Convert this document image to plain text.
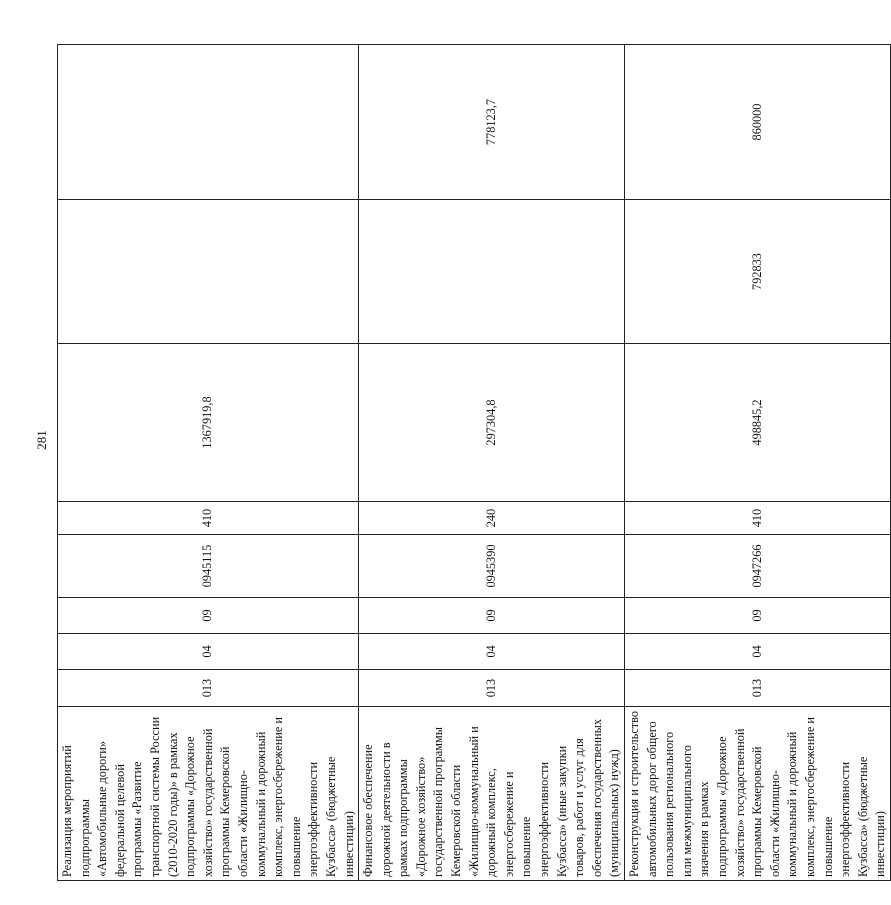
281
Реализация мероприятий подпрограммы «Автомобильные дороги» федеральной целевой программы «Развитие транспортной системы России (2010-2020 годы)» в рамках подпрограммы «Дорожное хозяйство» государственной программы Кемеровской области «Жилищно-коммунальный и дорожный комплекс, энергосбережение и повышение энергоэффективности Кузбасса» (бюджетные инвестиции)	013	04	09	0945115	410	1367919,8		
Финансовое обеспечение дорожной деятельности в рамках подпрограммы «Дорожное хозяйство» государственной программы Кемеровской области «Жилищно-коммунальный и дорожный комплекс, энергосбережение и повышение энергоэффективности Кузбасса» (иные закупки товаров, работ и услуг для обеспечения государственных (муниципальных) нужд)	013	04	09	0945390	240	297304,8		778123,7
Реконструкция и строительство автомобильных дорог общего пользования регионального или межмуниципального значения в рамках подпрограммы «Дорожное хозяйство» государственной программы Кемеровской области «Жилищно-коммунальный и дорожный комплекс, энергосбережение и повышение энергоэффективности Кузбасса» (бюджетные инвестиции)	013	04	09	0947266	410	498845,2	792833	860000
